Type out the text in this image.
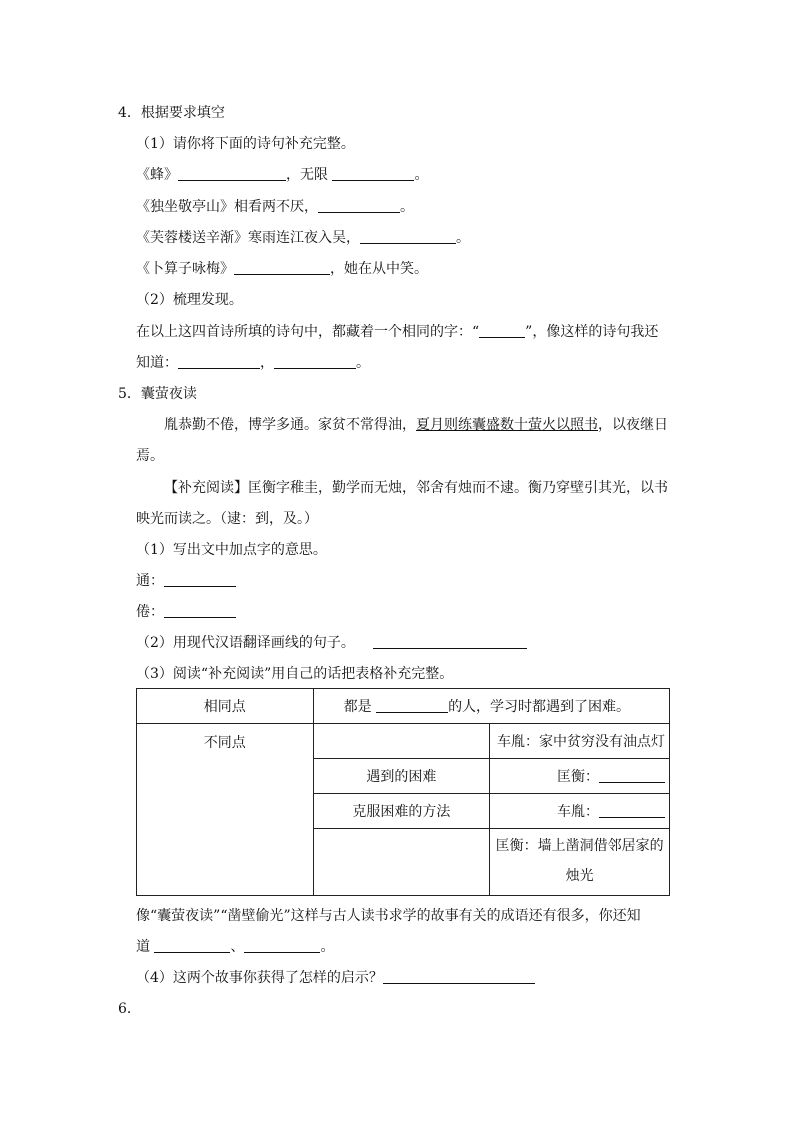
4．根据要求填空
（1）请你将下面的诗句补充完整。
《蜂》	，无限	。
《独坐敬亭山》相看两不厌，	。
《芙蓉楼送辛渐》寒雨连江夜入吴，	。
《卜算子咏梅》	，她在从中笑。
（2）梳理发现。
在以上这四首诗所填的诗句中，都藏着一个相同的字：“	”，像这样的诗句我还
知道：	，	。
5．囊萤夜读
胤恭勤不倦，博学多通。家贫不常得油，夏月则练囊盛数十萤火以照书，以夜继日
焉。
【补充阅读】匡衡字稚圭，勤学而无烛，邻舍有烛而不逮。衡乃穿壁引其光，以书
映光而读之。（逮：到，及。）
（1）写出文中加点字的意思。
通：
倦：
（2）用现代汉语翻译画线的句子。
（3）阅读“补充阅读”用自己的话把表格补充完整。
相同点	都是 的人，学习时都遇到了困难。	
不同点		车胤：家中贫穷没有油点灯
	遇到的困难	匡衡：
	克服困难的方法	车胤：
		匡衡：墙上凿洞借邻居家的烛光
像“囊萤夜读”“凿壁偷光”这样与古人读书求学的故事有关的成语还有很多，你还知
道	、	。
（4）这两个故事你获得了怎样的启示？
6．
